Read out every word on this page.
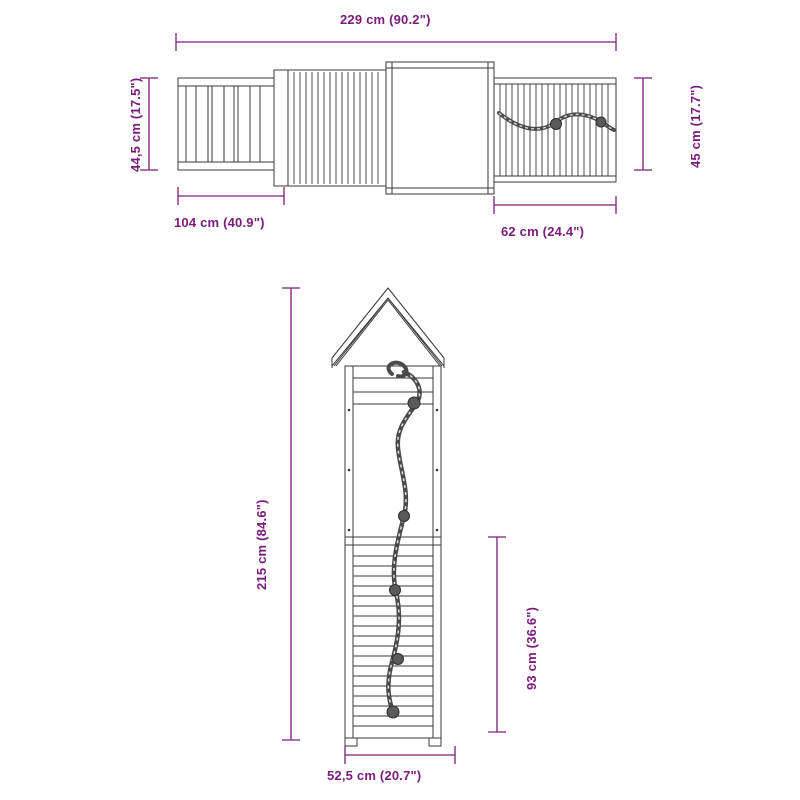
229 cm (90.2")
44,5 cm (17.5")	45 cm (17.7")
104 cm (40.9")
62 cm (24.4")
215 cm (84.6")
93 cm (36.6")
52,5 cm (20.7")
